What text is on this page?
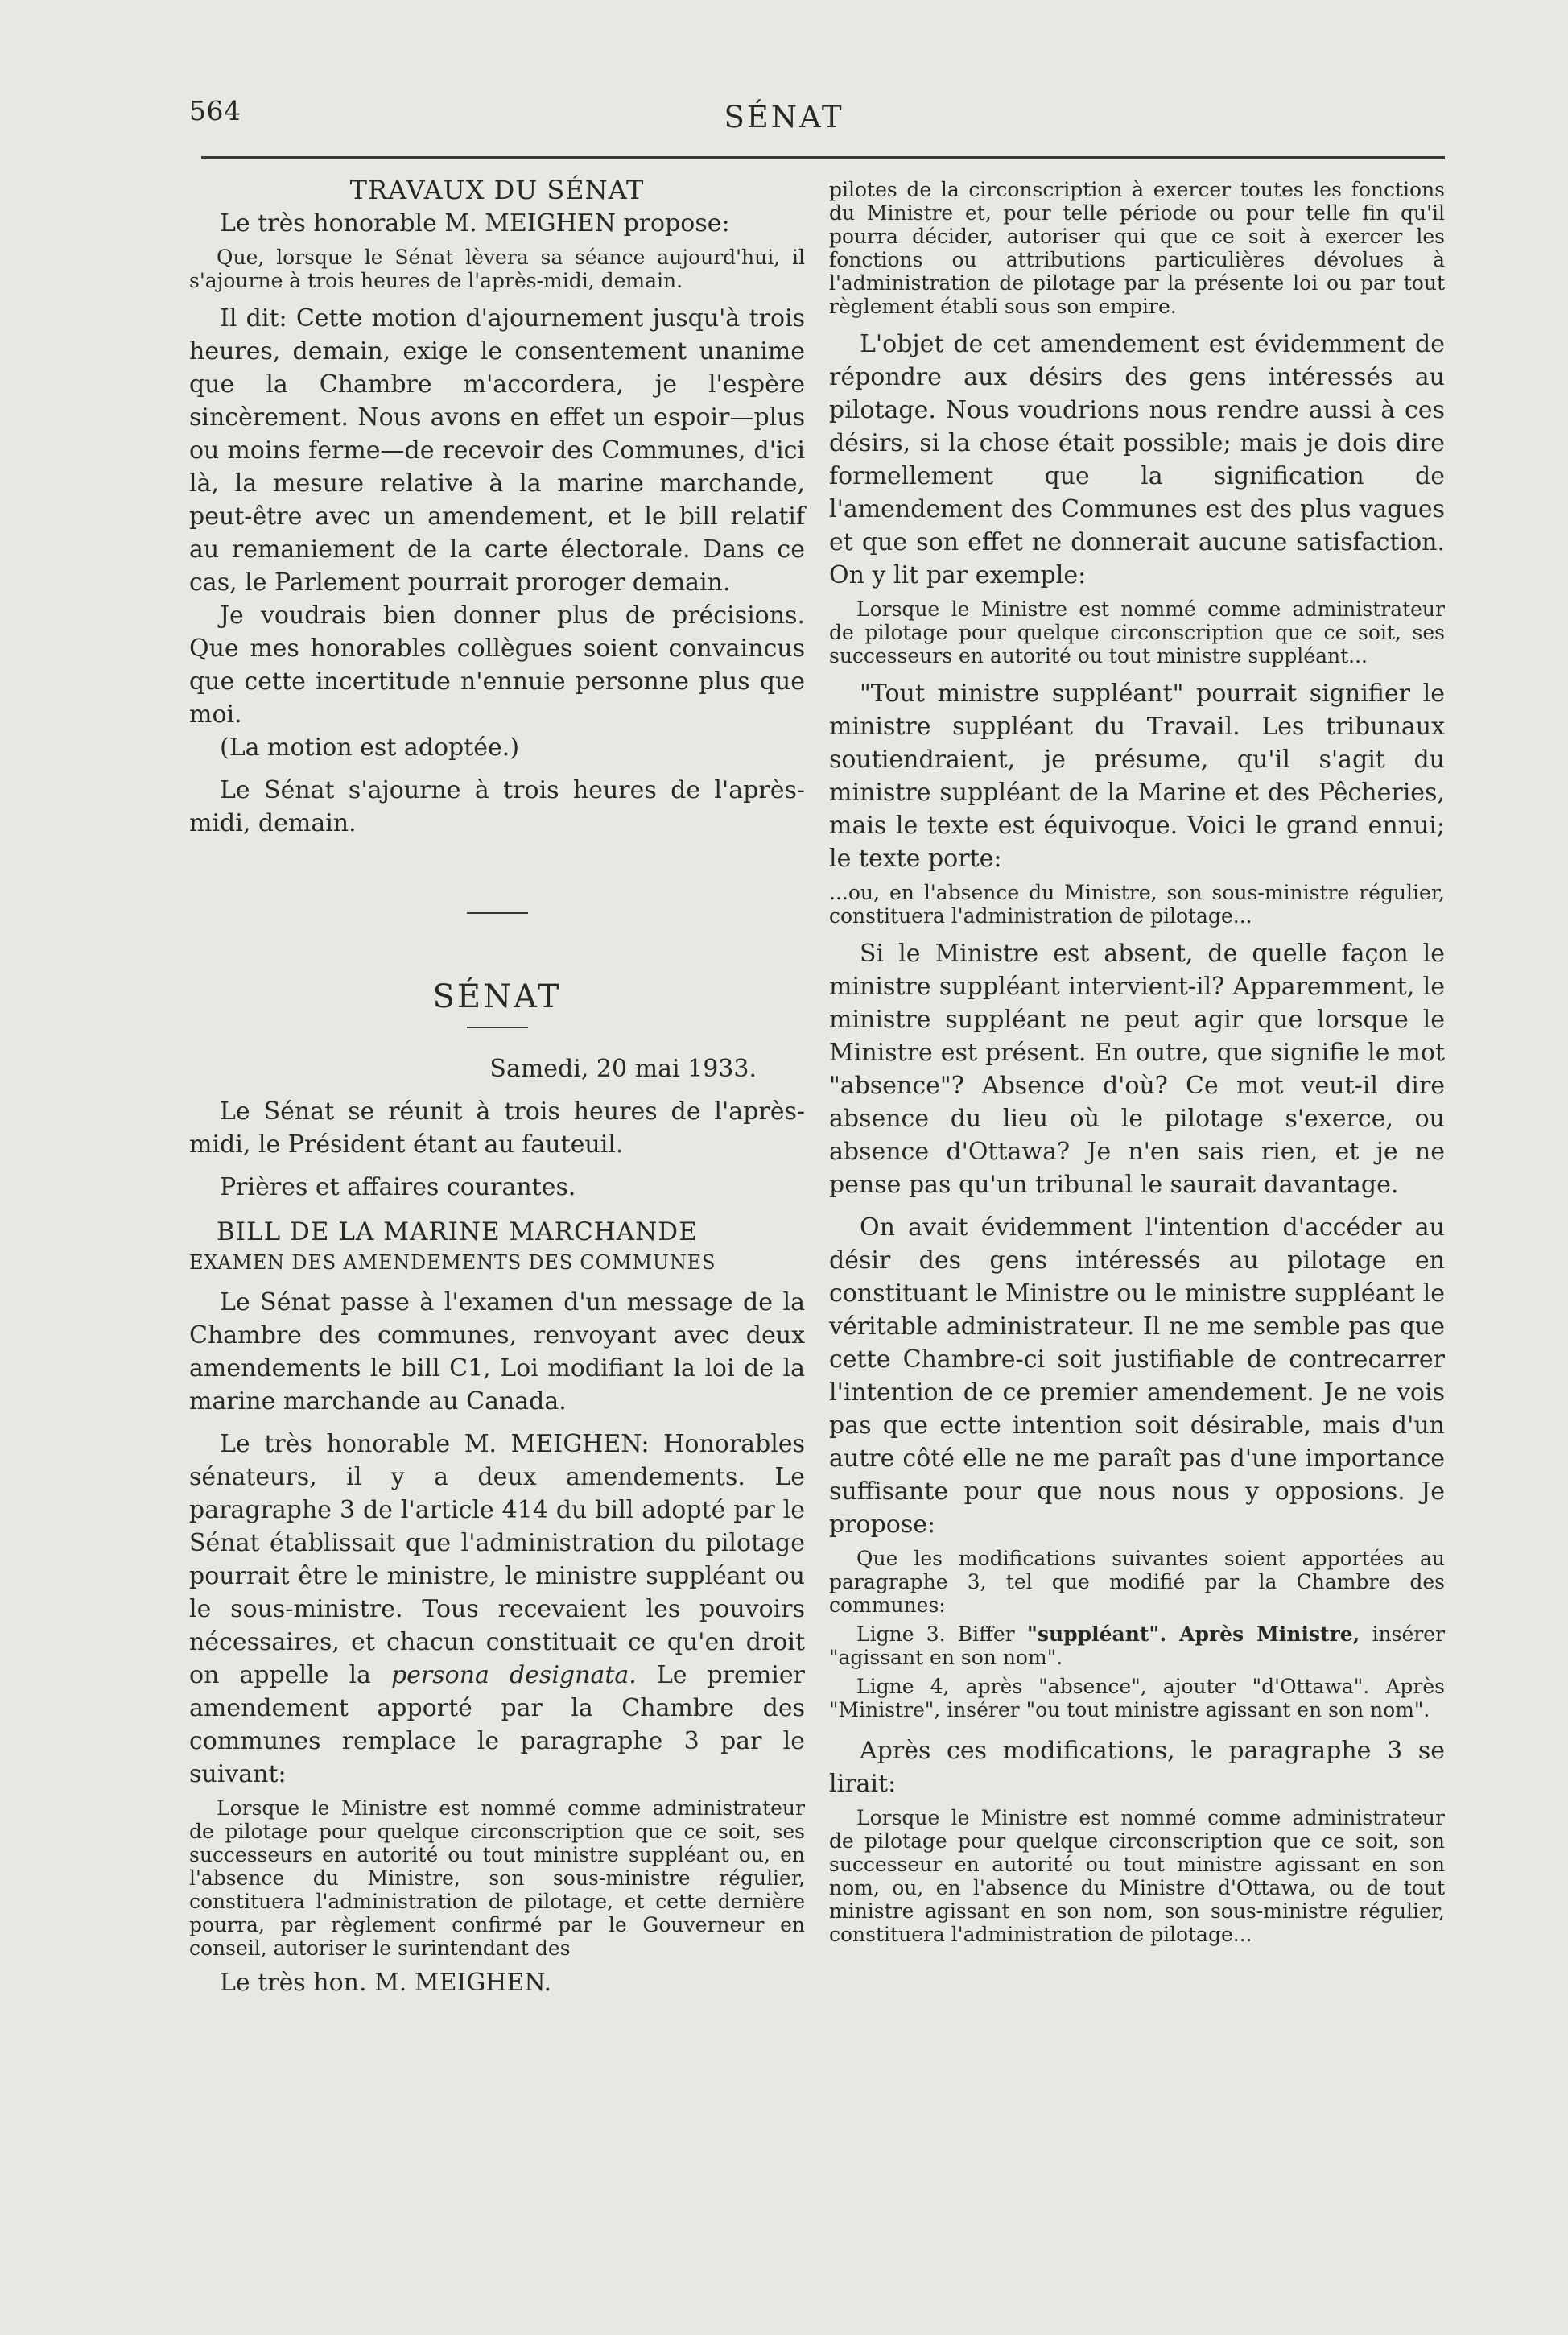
564	SÉNAT

TRAVAUX DU SÉNAT

Le très honorable M. MEIGHEN propose:

Que, lorsque le Sénat lèvera sa séance aujourd'hui, il s'ajourne à trois heures de l'après-midi, demain.

Il dit: Cette motion d'ajournement jusqu'à trois heures, demain, exige le consentement unanime que la Chambre m'accordera, je l'espère sincèrement. Nous avons en effet un espoir—plus ou moins ferme—de recevoir des Communes, d'ici là, la mesure relative à la marine marchande, peut-être avec un amendement, et le bill relatif au remaniement de la carte électorale. Dans ce cas, le Parlement pourrait proroger demain.

Je voudrais bien donner plus de précisions. Que mes honorables collègues soient convaincus que cette incertitude n'ennuie personne plus que moi.

(La motion est adoptée.)

Le Sénat s'ajourne à trois heures de l'après-midi, demain.

SÉNAT

Samedi, 20 mai 1933.

Le Sénat se réunit à trois heures de l'après-midi, le Président étant au fauteuil.

Prières et affaires courantes.

BILL DE LA MARINE MARCHANDE

EXAMEN DES AMENDEMENTS DES COMMUNES

Le Sénat passe à l'examen d'un message de la Chambre des communes, renvoyant avec deux amendements le bill C1, Loi modifiant la loi de la marine marchande au Canada.

Le très honorable M. MEIGHEN: Honorables sénateurs, il y a deux amendements. Le paragraphe 3 de l'article 414 du bill adopté par le Sénat établissait que l'administration du pilotage pourrait être le ministre, le ministre suppléant ou le sous-ministre. Tous recevaient les pouvoirs nécessaires, et chacun constituait ce qu'en droit on appelle la persona designata. Le premier amendement apporté par la Chambre des communes remplace le paragraphe 3 par le suivant:

Lorsque le Ministre est nommé comme administrateur de pilotage pour quelque circonscription que ce soit, ses successeurs en autorité ou tout ministre suppléant ou, en l'absence du Ministre, son sous-ministre régulier, constituera l'administration de pilotage, et cette dernière pourra, par règlement confirmé par le Gouverneur en conseil, autoriser le surintendant des

Le très hon. M. MEIGHEN.

pilotes de la circonscription à exercer toutes les fonctions du Ministre et, pour telle période ou pour telle fin qu'il pourra décider, autoriser qui que ce soit à exercer les fonctions ou attributions particulières dévolues à l'administration de pilotage par la présente loi ou par tout règlement établi sous son empire.

L'objet de cet amendement est évidemment de répondre aux désirs des gens intéressés au pilotage. Nous voudrions nous rendre aussi à ces désirs, si la chose était possible; mais je dois dire formellement que la signification de l'amendement des Communes est des plus vagues et que son effet ne donnerait aucune satisfaction. On y lit par exemple:

Lorsque le Ministre est nommé comme administrateur de pilotage pour quelque circonscription que ce soit, ses successeurs en autorité ou tout ministre suppléant...

"Tout ministre suppléant" pourrait signifier le ministre suppléant du Travail. Les tribunaux soutiendraient, je présume, qu'il s'agit du ministre suppléant de la Marine et des Pêcheries, mais le texte est équivoque. Voici le grand ennui; le texte porte:

...ou, en l'absence du Ministre, son sous-ministre régulier, constituera l'administration de pilotage...

Si le Ministre est absent, de quelle façon le ministre suppléant intervient-il? Apparemment, le ministre suppléant ne peut agir que lorsque le Ministre est présent. En outre, que signifie le mot "absence"? Absence d'où? Ce mot veut-il dire absence du lieu où le pilotage s'exerce, ou absence d'Ottawa? Je n'en sais rien, et je ne pense pas qu'un tribunal le saurait davantage.

On avait évidemment l'intention d'accéder au désir des gens intéressés au pilotage en constituant le Ministre ou le ministre suppléant le véritable administrateur. Il ne me semble pas que cette Chambre-ci soit justifiable de contrecarrer l'intention de ce premier amendement. Je ne vois pas que ectte intention soit désirable, mais d'un autre côté elle ne me paraît pas d'une importance suffisante pour que nous nous y opposions. Je propose:

Que les modifications suivantes soient apportées au paragraphe 3, tel que modifié par la Chambre des communes:

Ligne 3. Biffer "suppléant". Après Ministre, insérer "agissant en son nom".

Ligne 4, après "absence", ajouter "d'Ottawa". Après "Ministre", insérer "ou tout ministre agissant en son nom".

Après ces modifications, le paragraphe 3 se lirait:

Lorsque le Ministre est nommé comme administrateur de pilotage pour quelque circonscription que ce soit, son successeur en autorité ou tout ministre agissant en son nom, ou, en l'absence du Ministre d'Ottawa, ou de tout ministre agissant en son nom, son sous-ministre régulier, constituera l'administration de pilotage...
